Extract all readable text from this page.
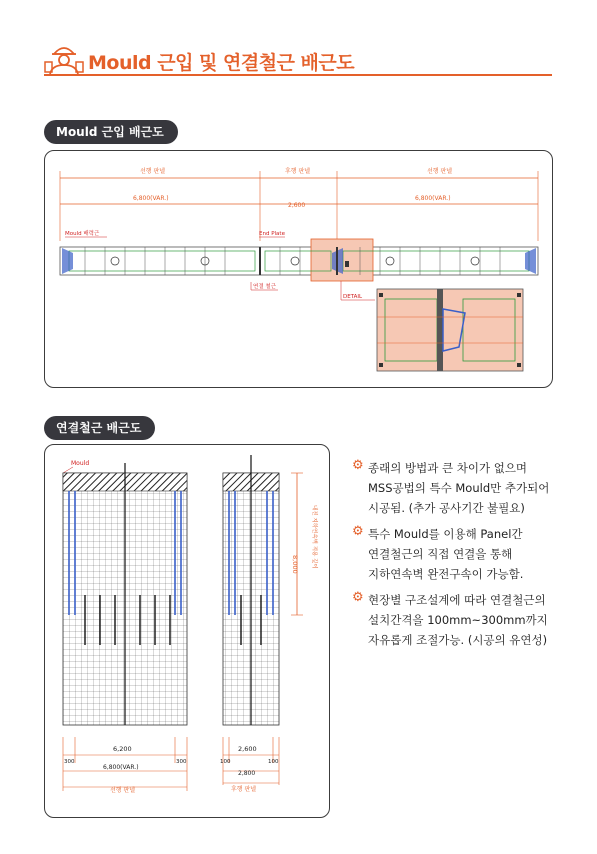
Mould 근입 및 연결철근 배근도
Mould 근입 배근도
선행 판넬	후행 판넬	선행 판넬
6,800(VAR.)
2,600
6,800(VAR.)
Mould 배력근	End Plate
연결 철근
DETAIL
연결철근 배근도
Mould
8,000 내진 지하연속벽 적용 깊이
6,200
300	300
6,800(VAR.)
선행 판넬
2,600
100	100
2,800
후행 판넬
⚙ 종래의 방법과 큰 차이가 없으며
MSS공법의 특수 Mould만 추가되어
시공됨. (추가 공사기간 불필요)
⚙ 특수 Mould를 이용해 Panel간
연결철근의 직접 연결을 통해
지하연속벽 완전구속이 가능함.
⚙ 현장별 구조설계에 따라 연결철근의
설치간격을 100mm~300mm까지
자유롭게 조절가능. (시공의 유연성)
